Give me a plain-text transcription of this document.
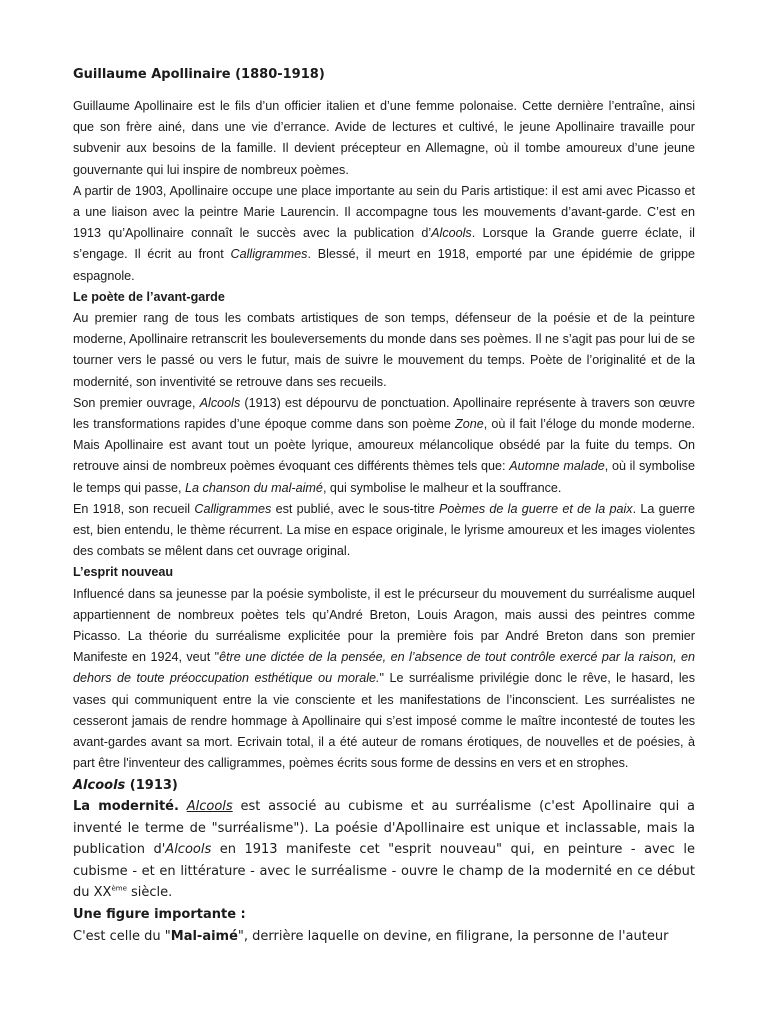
Guillaume Apollinaire (1880-1918)

Guillaume Apollinaire est le fils d’un officier italien et d’une femme polonaise. Cette dernière l’entraîne, ainsi que son frère ainé, dans une vie d’errance. Avide de lectures et cultivé, le jeune Apollinaire travaille pour subvenir aux besoins de la famille. Il devient précepteur en Allemagne, où il tombe amoureux d’une jeune gouvernante qui lui inspire de nombreux poèmes.

A partir de 1903, Apollinaire occupe une place importante au sein du Paris artistique: il est ami avec Picasso et a une liaison avec la peintre Marie Laurencin. Il accompagne tous les mouvements d’avant-garde. C’est en 1913 qu’Apollinaire connaît le succès avec la publication d’Alcools. Lorsque la Grande guerre éclate, il s’engage. Il écrit au front Calligrammes. Blessé, il meurt en 1918, emporté par une épidémie de grippe espagnole.

Le poète de l’avant-garde

Au premier rang de tous les combats artistiques de son temps, défenseur de la poésie et de la peinture moderne, Apollinaire retranscrit les bouleversements du monde dans ses poèmes. Il ne s’agit pas pour lui de se tourner vers le passé ou vers le futur, mais de suivre le mouvement du temps. Poète de l’originalité et de la modernité, son inventivité se retrouve dans ses recueils.

Son premier ouvrage, Alcools (1913) est dépourvu de ponctuation. Apollinaire représente à travers son œuvre les transformations rapides d’une époque comme dans son poème Zone, où il fait l’éloge du monde moderne. Mais Apollinaire est avant tout un poète lyrique, amoureux mélancolique obsédé par la fuite du temps. On retrouve ainsi de nombreux poèmes évoquant ces différents thèmes tels que: Automne malade, où il symbolise le temps qui passe, La chanson du mal-aimé, qui symbolise le malheur et la souffrance.

En 1918, son recueil Calligrammes est publié, avec le sous-titre Poèmes de la guerre et de la paix. La guerre est, bien entendu, le thème récurrent. La mise en espace originale, le lyrisme amoureux et les images violentes des combats se mêlent dans cet ouvrage original.

L’esprit nouveau

Influencé dans sa jeunesse par la poésie symboliste, il est le précurseur du mouvement du surréalisme auquel appartiennent de nombreux poètes tels qu’André Breton, Louis Aragon, mais aussi des peintres comme Picasso. La théorie du surréalisme explicitée pour la première fois par André Breton dans son premier Manifeste en 1924, veut "être une dictée de la pensée, en l’absence de tout contrôle exercé par la raison, en dehors de toute préoccupation esthétique ou morale." Le surréalisme privilégie donc le rêve, le hasard, les vases qui communiquent entre la vie consciente et les manifestations de l’inconscient. Les surréalistes ne cesseront jamais de rendre hommage à Apollinaire qui s’est imposé comme le maître incontesté de toutes les avant-gardes avant sa mort. Ecrivain total, il a été auteur de romans érotiques, de nouvelles et de poésies, à part être l'inventeur des calligrammes, poèmes écrits sous forme de dessins en vers et en strophes.

Alcools (1913)

La modernité. Alcools est associé au cubisme et au surréalisme (c'est Apollinaire qui a inventé le terme de "surréalisme"). La poésie d'Apollinaire est unique et inclassable, mais la publication d'Alcools en 1913 manifeste cet "esprit nouveau" qui, en peinture - avec le cubisme - et en littérature - avec le surréalisme - ouvre le champ de la modernité en ce début du XXème siècle.

Une figure importante :

C'est celle du "Mal-aimé", derrière laquelle on devine, en filigrane, la personne de l'auteur
